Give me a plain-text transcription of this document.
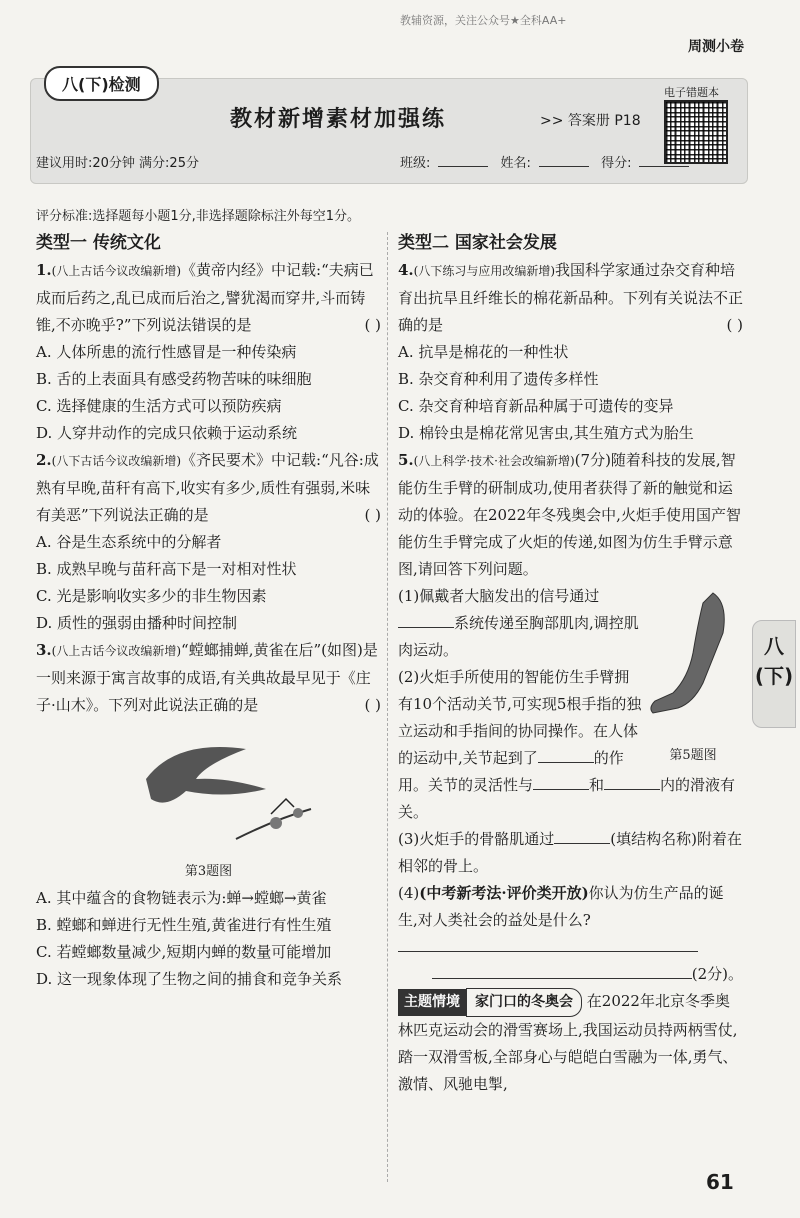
教辅资源，关注公众号★全科AA+
周测小卷
八(下)检测
教材新增素材加强练	>> 答案册 P18
电子错题本
建议用时:20分钟 满分:25分	班级:	姓名:	得分:
评分标准:选择题每小题1分,非选择题除标注外每空1分。

类型一 传统文化

1.(八上古话今议改编新增)《黄帝内经》中记载:“夫病已成而后药之,乱已成而后治之,譬犹渴而穿井,斗而铸锥,不亦晚乎?”下列说法错误的是	( )

A. 人体所患的流行性感冒是一种传染病

B. 舌的上表面具有感受药物苦味的味细胞

C. 选择健康的生活方式可以预防疾病

D. 人穿井动作的完成只依赖于运动系统

2.(八下古话今议改编新增)《齐民要术》中记载:“凡谷:成熟有早晚,苗秆有高下,收实有多少,质性有强弱,米味有美恶”下列说法正确的是	( )

A. 谷是生态系统中的分解者

B. 成熟早晚与苗秆高下是一对相对性状

C. 光是影响收实多少的非生物因素

D. 质性的强弱由播种时间控制

3.(八上古话今议改编新增)“螳螂捕蝉,黄雀在后”(如图)是一则来源于寓言故事的成语,有关典故最早见于《庄子·山木》。下列对此说法正确的是	( )

第3题图

A. 其中蕴含的食物链表示为:蝉→螳螂→黄雀

B. 螳螂和蝉进行无性生殖,黄雀进行有性生殖

C. 若螳螂数量减少,短期内蝉的数量可能增加

D. 这一现象体现了生物之间的捕食和竞争关系

类型二 国家社会发展

4.(八下练习与应用改编新增)我国科学家通过杂交育种培育出抗旱且纤维长的棉花新品种。下列有关说法不正确的是	( )

A. 抗旱是棉花的一种性状

B. 杂交育种利用了遗传多样性

C. 杂交育种培育新品种属于可遗传的变异

D. 棉铃虫是棉花常见害虫,其生殖方式为胎生

5.(八上科学·技术·社会改编新增)(7分)随着科技的发展,智能仿生手臂的研制成功,使用者获得了新的触觉和运动的体验。在2022年冬残奥会中,火炬手使用国产智能仿生手臂完成了火炬的传递,如图为仿生手臂示意图,请回答下列问题。

第5题图

(1)佩戴者大脑发出的信号通过系统传递至胸部肌肉,调控肌肉运动。

(2)火炬手所使用的智能仿生手臂拥有10个活动关节,可实现5根手指的独立运动和手指间的协同操作。在人体的运动中,关节起到了	的作用。关节的灵活性与	和	内的滑液有关。

(3)火炬手的骨骼肌通过	(填结构名称)附着在相邻的骨上。

(4)(中考新考法·评价类开放)你认为仿生产品的诞生,对人类社会的益处是什么?

(2分)。

主题情境 家门口的冬奥会 在2022年北京冬季奥林匹克运动会的滑雪赛场上,我国运动员持两柄雪仗,踏一双滑雪板,全部身心与皑皑白雪融为一体,勇气、激情、风驰电掣,

八(下)
61
